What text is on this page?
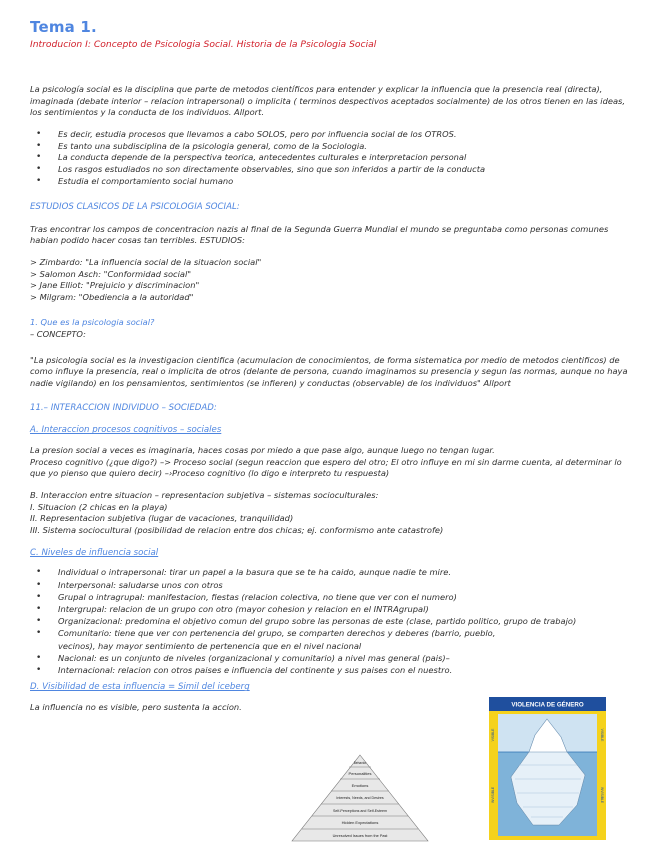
Tema 1.
Introducion I: Concepto de Psicologia Social. Historia de la Psicologia Social

La psicología social es la disciplina que parte de metodos científicos para entender y explicar la influencia que la presencia real (directa), imaginada (debate interior – relacion intrapersonal) o implicita ( terminos despectivos aceptados socialmente) de los otros tienen en las ideas, los sentimientos y la conducta de los individuos. Allport.

• Es decir, estudia procesos que llevamos a cabo SOLOS, pero por influencia social de los OTROS.
• Es tanto una subdisciplina de la psicologia general, como de la Sociologia.
• La conducta depende de la perspectiva teorica, antecedentes culturales e interpretacion personal
• Los rasgos estudiados no son directamente observables, sino que son inferidos a partir de la conducta
• Estudia el comportamiento social humano
ESTUDIOS CLASICOS DE LA PSICOLOGIA SOCIAL:

Tras encontrar los campos de concentracion nazis al final de la Segunda Guerra Mundial el mundo se preguntaba como personas comunes habian podido hacer cosas tan terribles. ESTUDIOS:

> Zimbardo: "La influencia social de la situacion social"
> Salomon Asch: "Conformidad social"
> Jane Elliot: "Prejuicio y discriminacion"
> Milgram: "Obediencia a la autoridad"
1. Que es la psicologia social?
– CONCEPTO:

"La psicologia social es la investigacion cientifica (acumulacion de conocimientos, de forma sistematica por medio de metodos cientificos) de como influye la presencia, real o implicita de otros (delante de persona, cuando imaginamos su presencia y segun las normas, aunque no haya nadie vigilando) en los pensamientos, sentimientos (se infieren) y conductas (observable) de los individuos" Allport

11.– INTERACCION INDIVIDUO – SOCIEDAD:
A. Interaccion procesos cognitivos – sociales

La presion social a veces es imaginaria, haces cosas por miedo a que pase algo, aunque luego no tengan lugar.

Proceso cognitivo (¿que digo?) –> Proceso social (segun reaccion que espero del otro; El otro influye en mi sin darme cuenta, al determinar lo que yo pienso que quiero decir) –›Proceso cognitivo (lo digo e interpreto tu respuesta)

B. Interaccion entre situacion – representacion subjetiva – sistemas socioculturales:
I. Situacion (2 chicas en la playa)
II. Representacion subjetiva (lugar de vacaciones, tranquilidad)
III. Sistema sociocultural (posibilidad de relacion entre dos chicas; ej. conformismo ante catastrofe)
C. Niveles de influencia social
• Individual o intrapersonal: tirar un papel a la basura que se te ha caido, aunque nadie te mire.
• Interpersonal: saludarse unos con otros
• Grupal o intragrupal: manifestacion, fiestas (relacion colectiva, no tiene que ver con el numero)
• Intergrupal: relacion de un grupo con otro (mayor cohesion y relacion en el INTRAgrupal)
• Organizacional: predomina el objetivo comun del grupo sobre las personas de este (clase, partido politico, grupo de trabajo)
• Comunitario: tiene que ver con pertenencia del grupo, se comparten derechos y deberes (barrio, pueblo, vecinos), hay mayor sentimiento de pertenencia que en el nivel nacional
• Nacional: es un conjunto de niveles (organizacional y comunitario) a nivel mas general (pais)–
• Internacional: relacion con otros paises e influencia del continente y sus paises con el nuestro.
D. Visibilidad de esta influencia = Simil del iceberg

La influencia no es visible, pero sustenta la accion.

Behavior
Personalities
Emotions
Interests, Needs, and Desires
Self-Perceptions and Self-Esteem
Hidden Expectations
Unresolved Issues from the Past
VIOLENCIA DE GÉNERO
VISIBLE
INVISIBLE
VISIBLE
INVISIBLE
